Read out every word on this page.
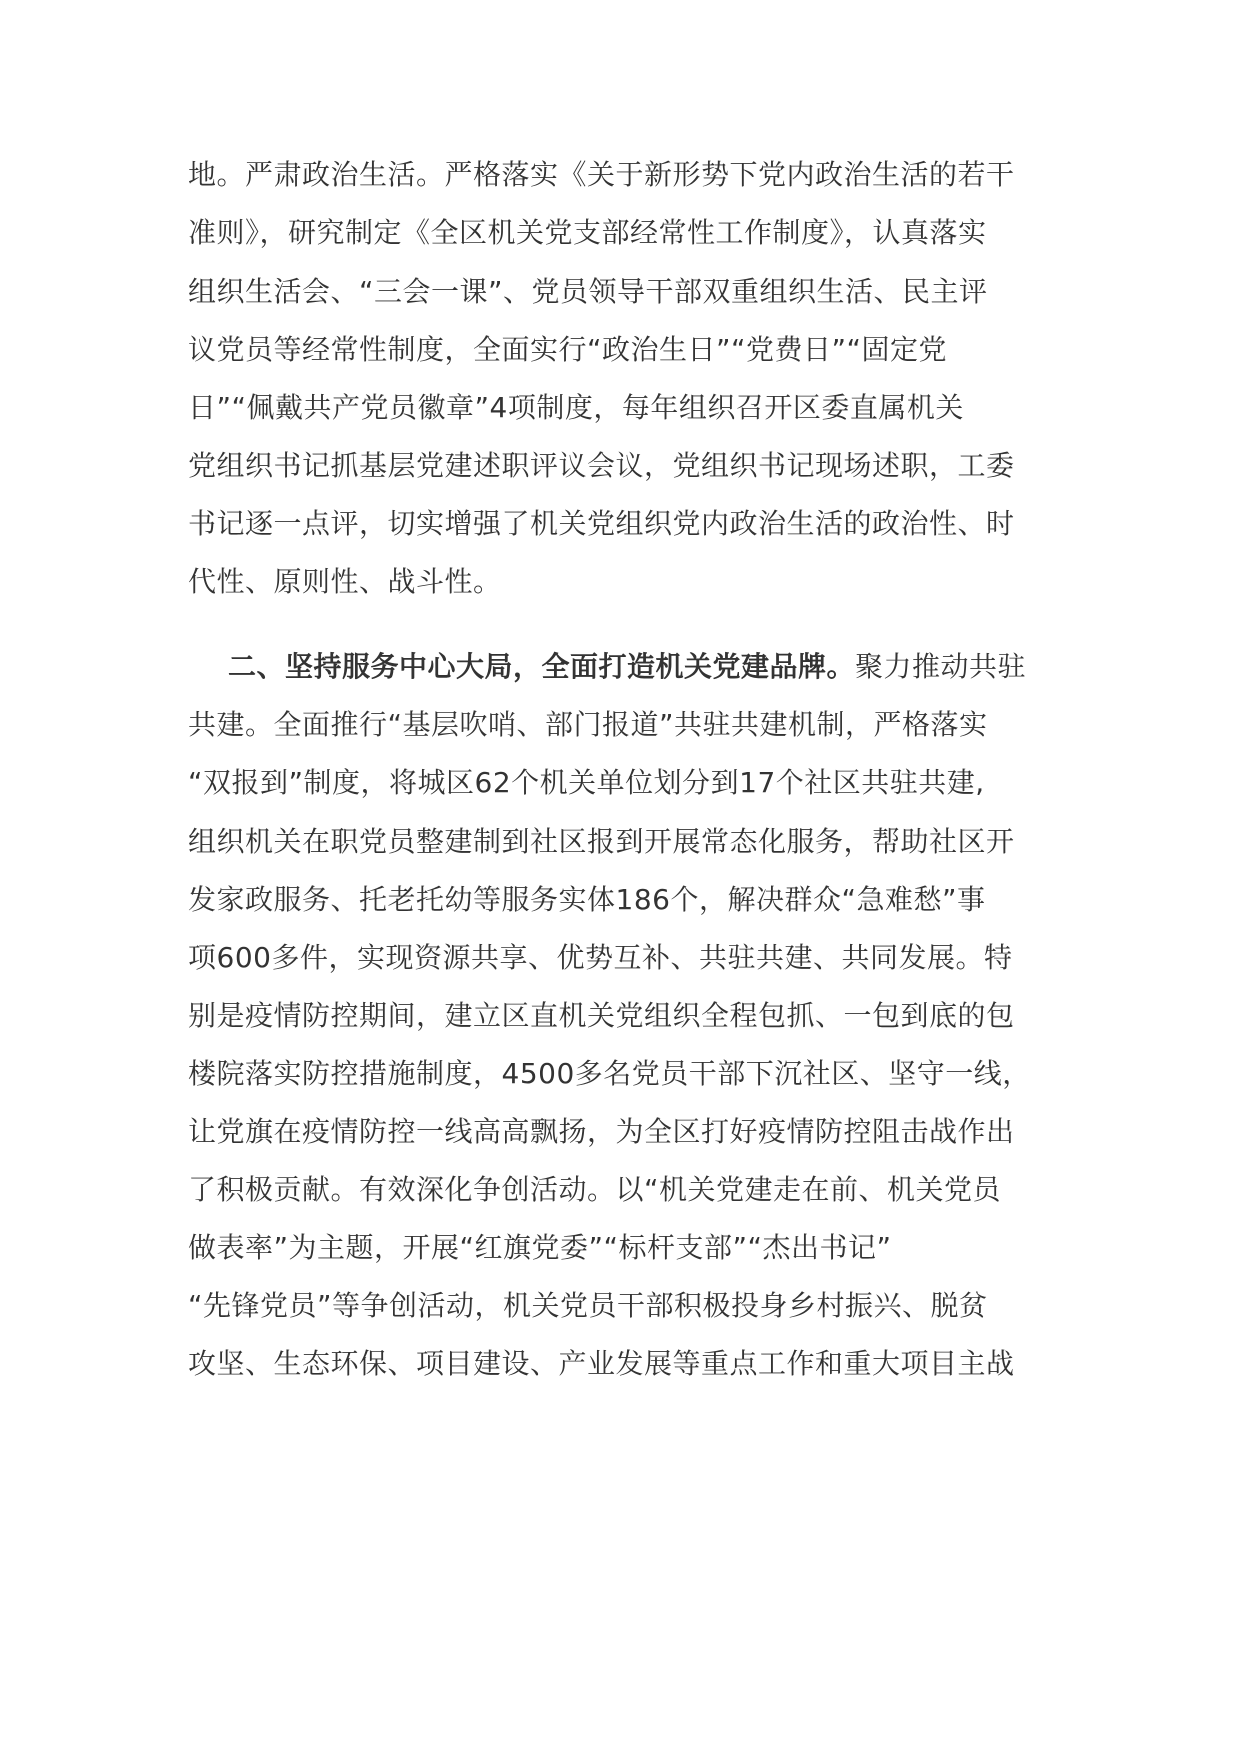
地。严肃政治生活。严格落实《关于新形势下党内政治生活的若干
准则》，研究制定《全区机关党支部经常性工作制度》，认真落实
组织生活会、“三会一课”、党员领导干部双重组织生活、民主评
议党员等经常性制度，全面实行“政治生日”“党费日”“固定党
日”“佩戴共产党员徽章”4项制度，每年组织召开区委直属机关
党组织书记抓基层党建述职评议会议，党组织书记现场述职，工委
书记逐一点评，切实增强了机关党组织党内政治生活的政治性、时
代性、原则性、战斗性。
二、坚持服务中心大局，全面打造机关党建品牌。聚力推动共驻
共建。全面推行“基层吹哨、部门报道”共驻共建机制，严格落实
“双报到”制度，将城区62个机关单位划分到17个社区共驻共建,
组织机关在职党员整建制到社区报到开展常态化服务，帮助社区开
发家政服务、托老托幼等服务实体186个，解决群众“急难愁”事
项600多件，实现资源共享、优势互补、共驻共建、共同发展。特
别是疫情防控期间，建立区直机关党组织全程包抓、一包到底的包
楼院落实防控措施制度，4500多名党员干部下沉社区、坚守一线，
让党旗在疫情防控一线高高飘扬，为全区打好疫情防控阻击战作出
了积极贡献。有效深化争创活动。以“机关党建走在前、机关党员
做表率”为主题，开展“红旗党委”“标杆支部”“杰出书记”
“先锋党员”等争创活动，机关党员干部积极投身乡村振兴、脱贫
攻坚、生态环保、项目建设、产业发展等重点工作和重大项目主战
